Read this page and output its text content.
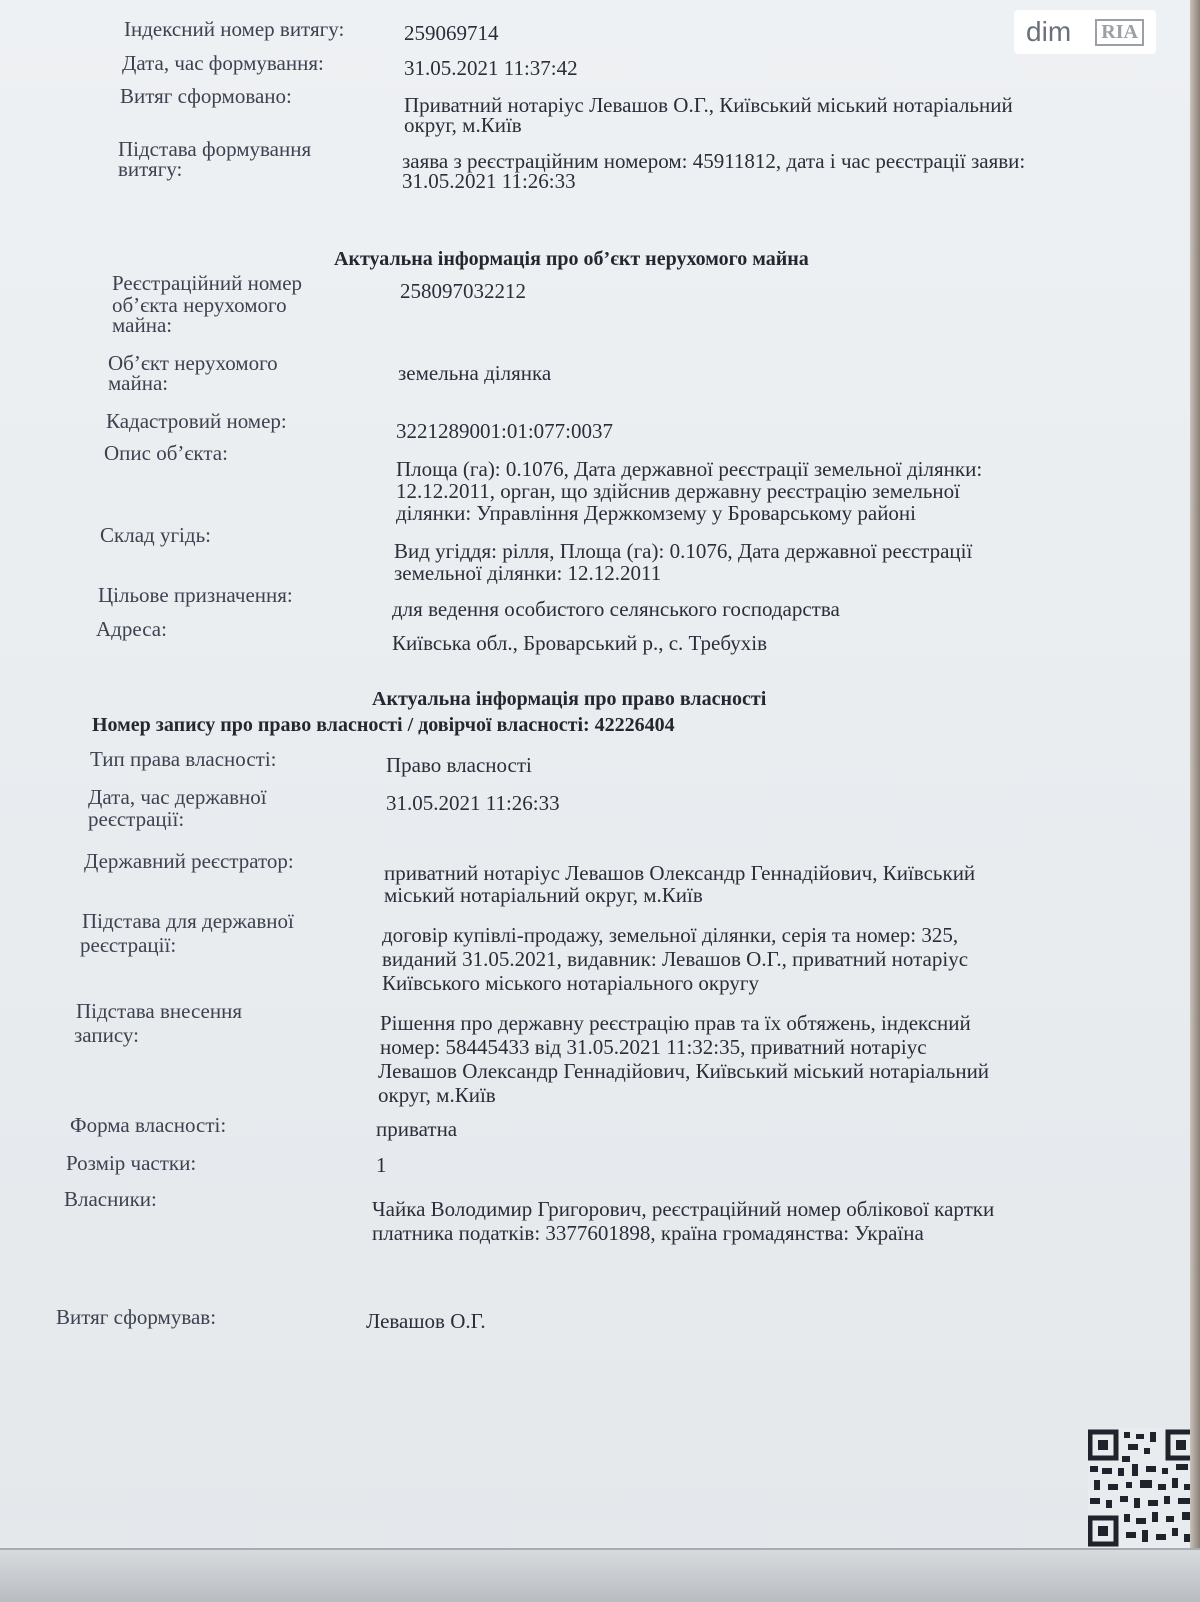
dim	RIA
Індексний номер витягу:	259069714
Дата, час формування:	31.05.2021 11:37:42
Витяг сформовано:	Приватний нотаріус Левашов О.Г., Київський міський нотаріальний
округ, м.Київ
Підстава формування
витягу:	заява з реєстраційним номером: 45911812, дата і час реєстрації заяви:
31.05.2021 11:26:33
Актуальна інформація про об’єкт нерухомого майна
Реєстраційний номер
об’єкта нерухомого
майна:
258097032212
Об’єкт нерухомого
майна:	земельна ділянка
Кадастровий номер:	3221289001:01:077:0037
Опис об’єкта:
Площа (га): 0.1076, Дата державної реєстрації земельної ділянки:
12.12.2011, орган, що здійснив державну реєстрацію земельної
ділянки: Управління Держкомзему у Броварському районі
Склад угідь:
Вид угіддя: рілля, Площа (га): 0.1076, Дата державної реєстрації
земельної ділянки: 12.12.2011
Цільове призначення:
для ведення особистого селянського господарства
Адреса:
Київська обл., Броварський р., с. Требухів
Актуальна інформація про право власності
Номер запису про право власності / довірчої власності: 42226404
Тип права власності:	Право власності
Дата, час державної
реєстрації:
31.05.2021 11:26:33
Державний реєстратор:	приватний нотаріус Левашов Олександр Геннадійович, Київський
міський нотаріальний округ, м.Київ
Підстава для державної
реєстрації:	договір купівлі-продажу, земельної ділянки, серія та номер: 325,
виданий 31.05.2021, видавник: Левашов О.Г., приватний нотаріус
Київського міського нотаріального округу
Підстава внесення
запису:	Рішення про державну реєстрацію прав та їх обтяжень, індексний
номер: 58445433 від 31.05.2021 11:32:35, приватний нотаріус
Левашов Олександр Геннадійович, Київський міський нотаріальний
округ, м.Київ
Форма власності:	приватна
Розмір частки:	1
Власники:	Чайка Володимир Григорович, реєстраційний номер облікової картки
платника податків: 3377601898, країна громадянства: Україна
Витяг сформував:	Левашов О.Г.
